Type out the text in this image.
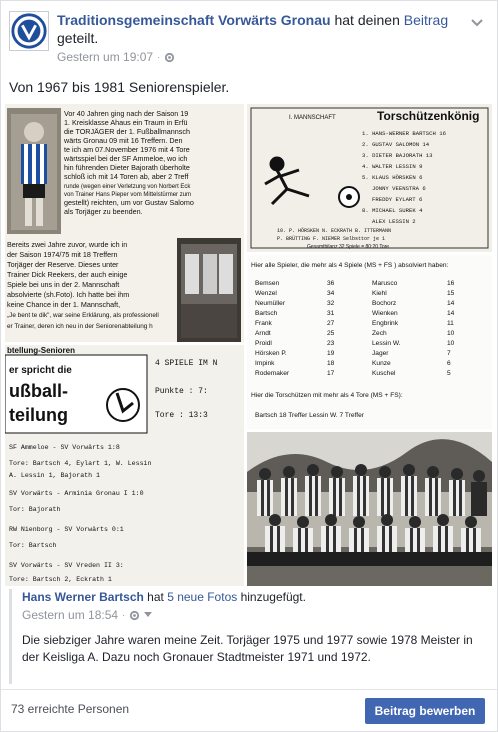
Traditionsgemeinschaft Vorwärts Gronau hat deinen Beitrag geteilt.
Gestern um 19:07 ·
Von 1967 bis 1981 Seniorenspieler.
Vor 40 Jahren ging nach der Saison 19
1. Kreisklasse Ahaus ein Traum in Erfü
die TORJÄGER der 1. Fußballmannsch
wärts Gronau 09 mit 16 Treffern. Den
te ich am 07.November 1976 mit 4 Tore
wärtsspiel bei der SF Ammeloe, wo ich
hin führenden Dieter Bajorath überholte
schloß ich mit 14 Toren ab, aber 2 Treff
runde (wegen einer Verletzung von Norbert Eck
von Trainer Hans Pieper vom Mittelstürmer zum
gestellt) reichten, um vor Gustav Salomo
als Torjäger zu beenden.
Bereits zwei Jahre zuvor, wurde ich in
der Saison 1974/75 mit 18 Treffern
Torjäger der Reserve. Dieses unter
Trainer Dick Reekers, der auch einige
Spiele bei uns in der 2. Mannschaft
absolvierte (sh.Foto). Ich hatte bei ihm
keine Chance in der 1. Mannschaft,
„Je bent te dik", war seine Erklärung, als professionell
er Trainer, deren ich neu in der Seniorenabteilung h
I. MANNSCHAFT	Torschützenkönig
1. HANS-WERNER BARTSCH 16
2. GUSTAV SALOMON 14
3. DIETER BAJORATH 13
4. WALTER LESSIN 9
5. KLAUS HÖRSKEN 6
JONNY VEENSTRA 6
FREDDY EYLART 6
8. MICHAEL SUREK 4
ALEX LESSIN 2
10. P. HÖRSKEN N. ECKRATH B. ITTERMANN
P. BRÜTTING F. NIEMER Selbsttor je 1
Gesamtbilanz 32 Spiele = 80:20 Tore
Hier alle Spieler, die mehr als 4 Spiele (MS + FS ) absolviert haben:
Bemsen	36	Marusco	16
Wenzel	34	Kiehl	15
Neumüller	32	Bochorz	14
Bartsch	31	Wienken	14
Frank	27	Engbrink	11
Arndt	25	Zech	10
Proidl	23	Lessin W.	10
Hörsken P.	19	Jager	7
Impink	18	Kunze	6
Rodemaker	17	Kuschel	5
Hier die Torschützen mit mehr als 4 Tore (MS + FS):
Bartsch 18 Treffer Lessin W. 7 Treffer
btellung-Senioren
er spricht die
ußball-
teilung
4 SPIELE IM N
Punkte : 7:
Tore : 13:3
SF Ammeloe - SV Vorwärts 1:8
Tore: Bartsch 4, Eylart 1, W. Lessin
A. Lessin 1, Bajorath 1
SV Vorwärts - Arminia Gronau I 1:0
Tor: Bajorath
RW Nienborg - SV Vorwärts 0:1
Tor: Bartsch
SV Vorwärts - SV Vreden II 3:
Tore: Bartsch 2, Eckrath 1
Hans Werner Bartsch hat 5 neue Fotos hinzugefügt.
Gestern um 18:54 ·
Die siebziger Jahre waren meine Zeit. Torjäger 1975 und 1977 sowie 1978 Meister in der Keisliga A. Dazu noch Gronauer Stadtmeister 1971 und 1972.
73 erreichte Personen	Beitrag bewerben
